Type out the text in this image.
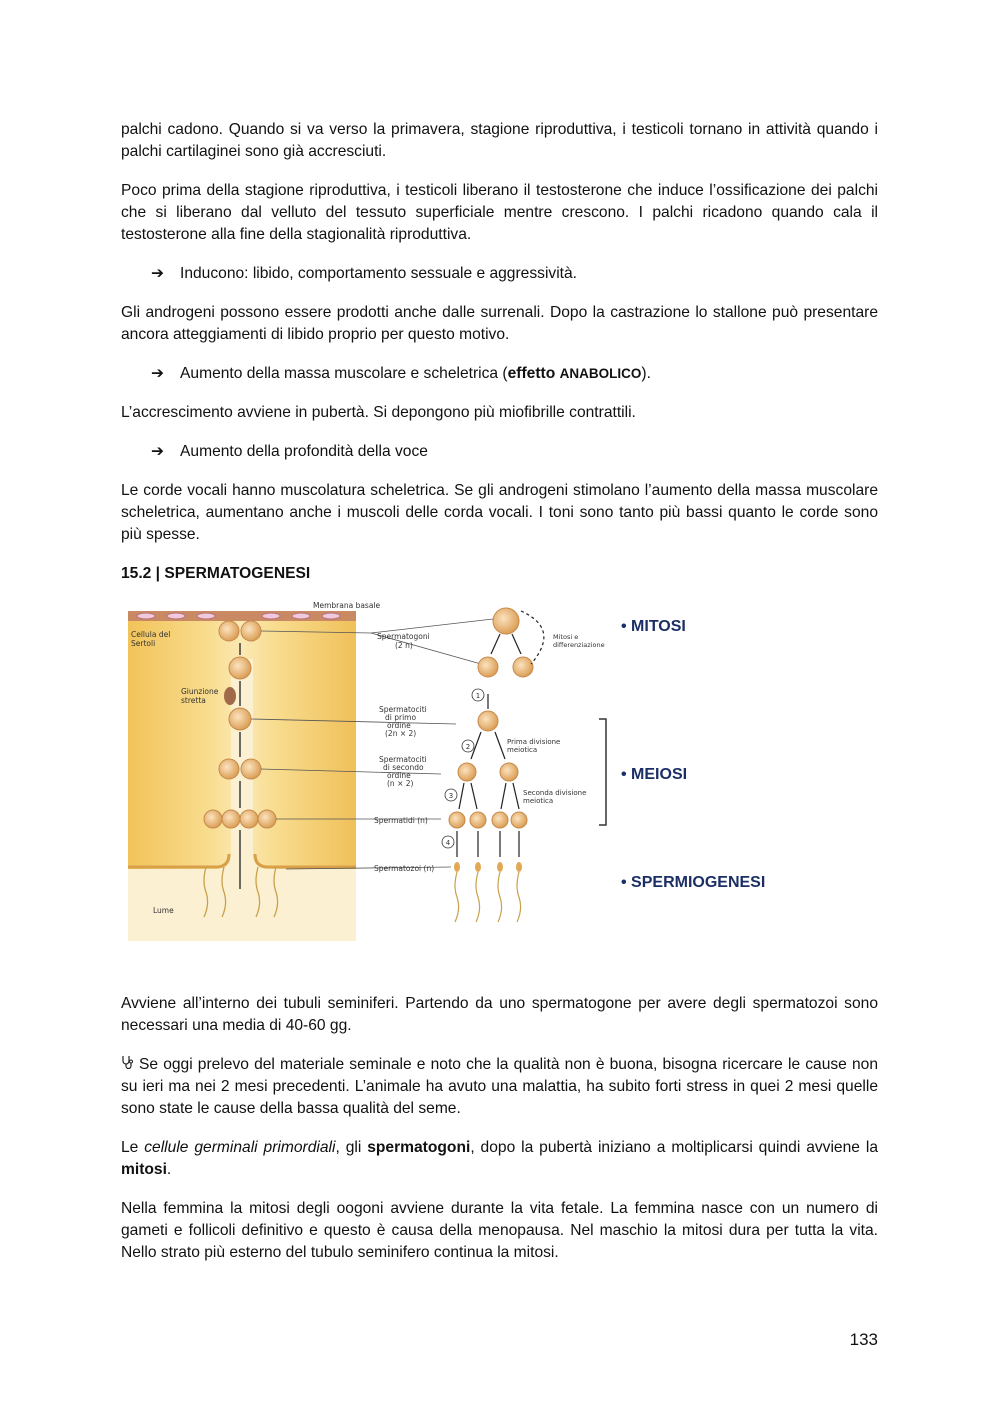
palchi cadono. Quando si va verso la primavera, stagione riproduttiva, i testicoli tornano in attività quando i palchi cartilaginei sono già accresciuti.

Poco prima della stagione riproduttiva, i testicoli liberano il testosterone che induce l’ossificazione dei palchi che si liberano dal velluto del tessuto superficiale mentre crescono. I palchi ricadono quando cala il testosterone alla fine della stagionalità riproduttiva.

➔ Inducono: libido, comportamento sessuale e aggressività.

Gli androgeni possono essere prodotti anche dalle surrenali. Dopo la castrazione lo stallone può presentare ancora atteggiamenti di libido proprio per questo motivo.

➔ Aumento della massa muscolare e scheletrica (effetto ANABOLICO).

L’accrescimento avviene in pubertà. Si depongono più miofibrille contrattili.

➔ Aumento della profondità della voce

Le corde vocali hanno muscolatura scheletrica. Se gli androgeni stimolano l’aumento della massa muscolare scheletrica, aumentano anche i muscoli delle corda vocali. I toni sono tanto più bassi quanto le corde sono più spesse.

15.2 | SPERMATOGENESI

1
2
3
4
Membrana basale
Cellula del
Sertoli
Giunzione
stretta
Lume
Spermatogoni
(2 n)
Mitosi e
differenziazione
Spermatociti
di primo
ordine
(2n × 2)
Prima divisione
meiotica
Spermatociti
di secondo
ordine
(n × 2)
Seconda divisione
meiotica
Spermatidi (n)
Spermatozoi (n)
• MITOSI
• MEIOSI
• SPERMIOGENESI

Avviene all’interno dei tubuli seminiferi. Partendo da uno spermatogone per avere degli spermatozoi sono necessari una media di 40-60 gg.

Se oggi prelevo del materiale seminale e noto che la qualità non è buona, bisogna ricercare le cause non su ieri ma nei 2 mesi precedenti. L’animale ha avuto una malattia, ha subito forti stress in quei 2 mesi quelle sono state le cause della bassa qualità del seme.

Le cellule germinali primordiali, gli spermatogoni, dopo la pubertà iniziano a moltiplicarsi quindi avviene la mitosi.

Nella femmina la mitosi degli oogoni avviene durante la vita fetale. La femmina nasce con un numero di gameti e follicoli definitivo e questo è causa della menopausa. Nel maschio la mitosi dura per tutta la vita. Nello strato più esterno del tubulo seminifero continua la mitosi.

133
